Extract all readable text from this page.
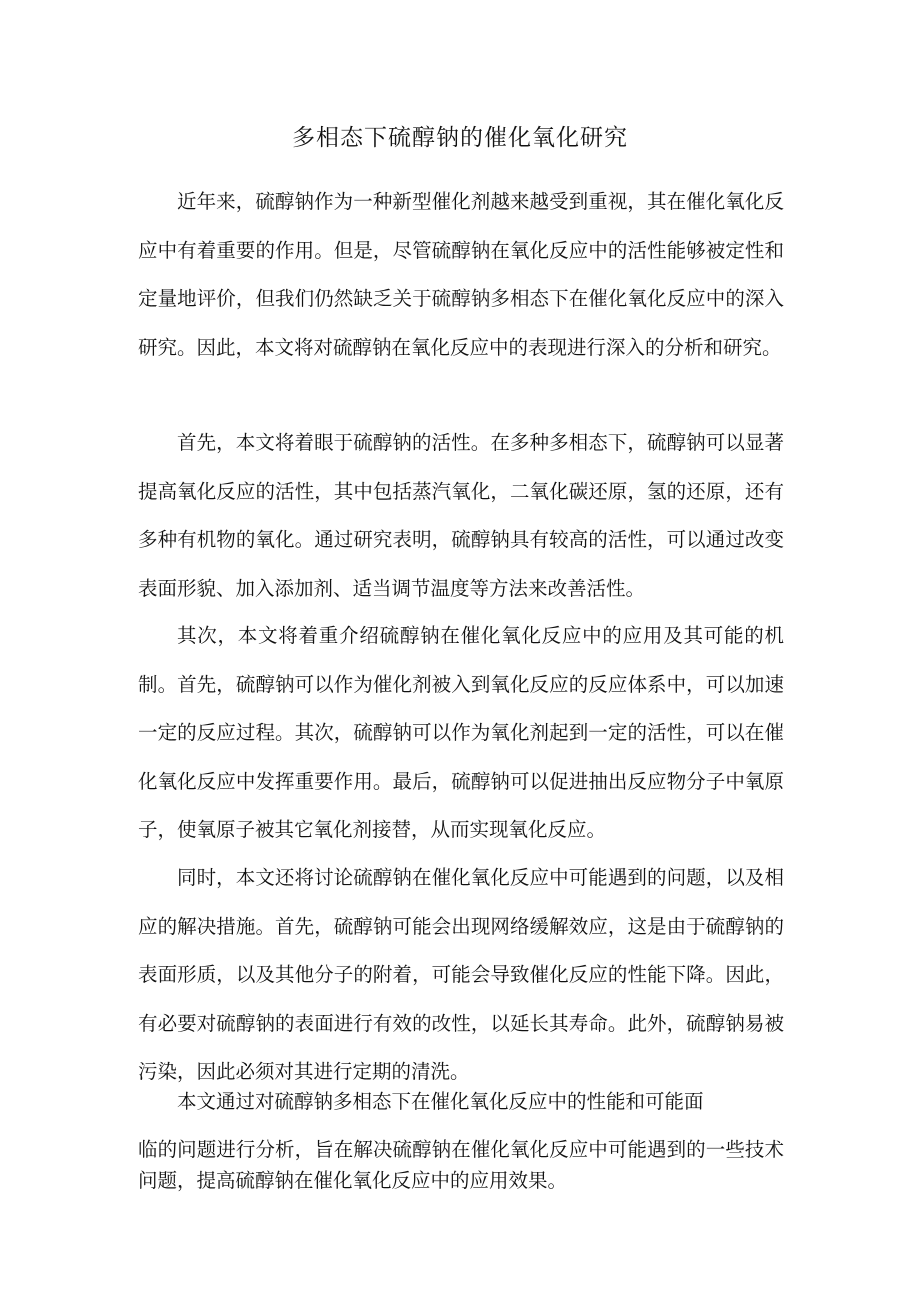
多相态下硫醇钠的催化氧化研究

近年来，硫醇钠作为一种新型催化剂越来越受到重视，其在催化氧化反应中有着重要的作用。但是，尽管硫醇钠在氧化反应中的活性能够被定性和定量地评价，但我们仍然缺乏关于硫醇钠多相态下在催化氧化反应中的深入研究。因此，本文将对硫醇钠在氧化反应中的表现进行深入的分析和研究。

首先，本文将着眼于硫醇钠的活性。在多种多相态下，硫醇钠可以显著提高氧化反应的活性，其中包括蒸汽氧化，二氧化碳还原，氢的还原，还有多种有机物的氧化。通过研究表明，硫醇钠具有较高的活性，可以通过改变表面形貌、加入添加剂、适当调节温度等方法来改善活性。

其次，本文将着重介绍硫醇钠在催化氧化反应中的应用及其可能的机制。首先，硫醇钠可以作为催化剂被入到氧化反应的反应体系中，可以加速一定的反应过程。其次，硫醇钠可以作为氧化剂起到一定的活性，可以在催化氧化反应中发挥重要作用。最后，硫醇钠可以促进抽出反应物分子中氧原子，使氧原子被其它氧化剂接替，从而实现氧化反应。

同时，本文还将讨论硫醇钠在催化氧化反应中可能遇到的问题，以及相应的解决措施。首先，硫醇钠可能会出现网络缓解效应，这是由于硫醇钠的表面形质，以及其他分子的附着，可能会导致催化反应的性能下降。因此，有必要对硫醇钠的表面进行有效的改性，以延长其寿命。此外，硫醇钠易被污染，因此必须对其进行定期的清洗。

本文通过对硫醇钠多相态下在催化氧化反应中的性能和可能面

临的问题进行分析，旨在解决硫醇钠在催化氧化反应中可能遇到的一些技术问题，提高硫醇钠在催化氧化反应中的应用效果。
